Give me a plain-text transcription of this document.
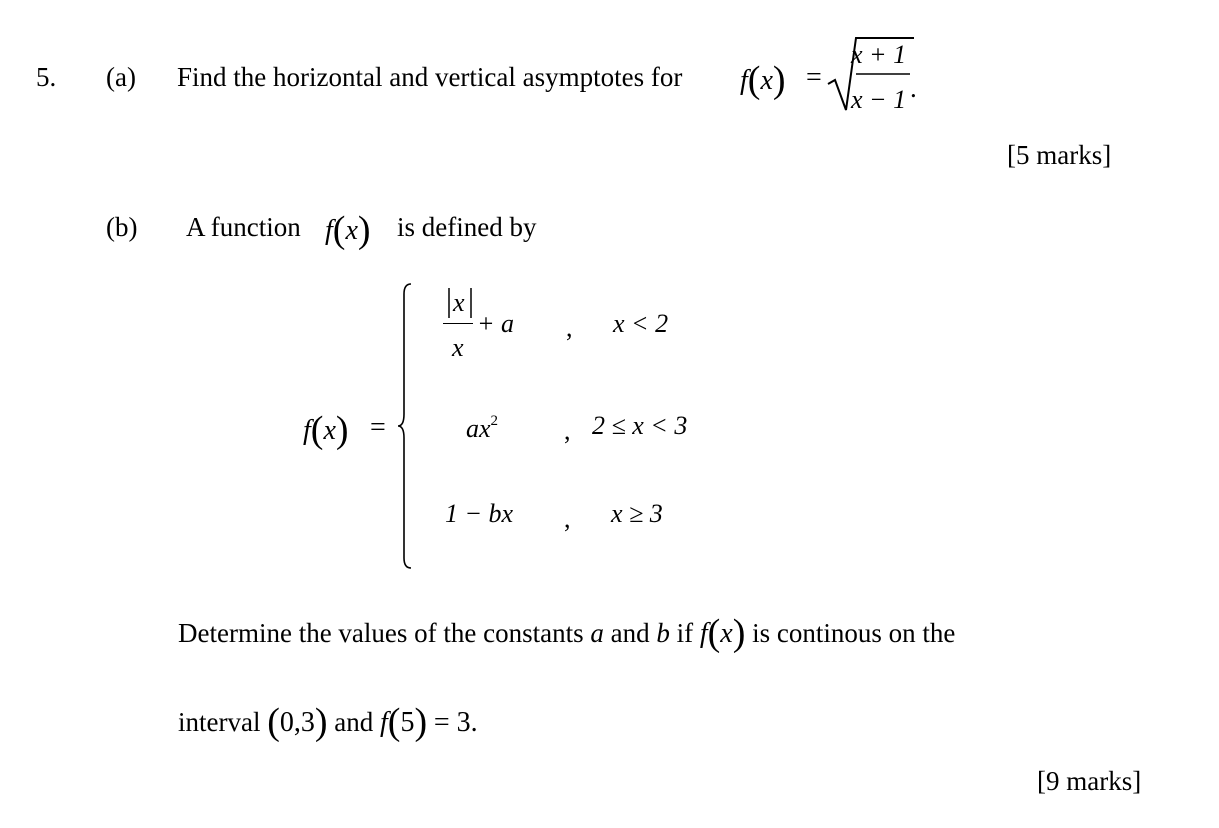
5. (a) Find the horizontal and vertical asymptotes for f(x) =
x + 1
x − 1 .
[5 marks]
(b) A function f(x) is defined by
f(x) =
x
x
+ a , x < 2
$ax^2$	, 2 ≤ x < 3
1 − bx , x ≥ 3
Determine the values of the constants a and b if f(x) is continous on the
interval (0,3) and f(5) = 3.
[9 marks]
